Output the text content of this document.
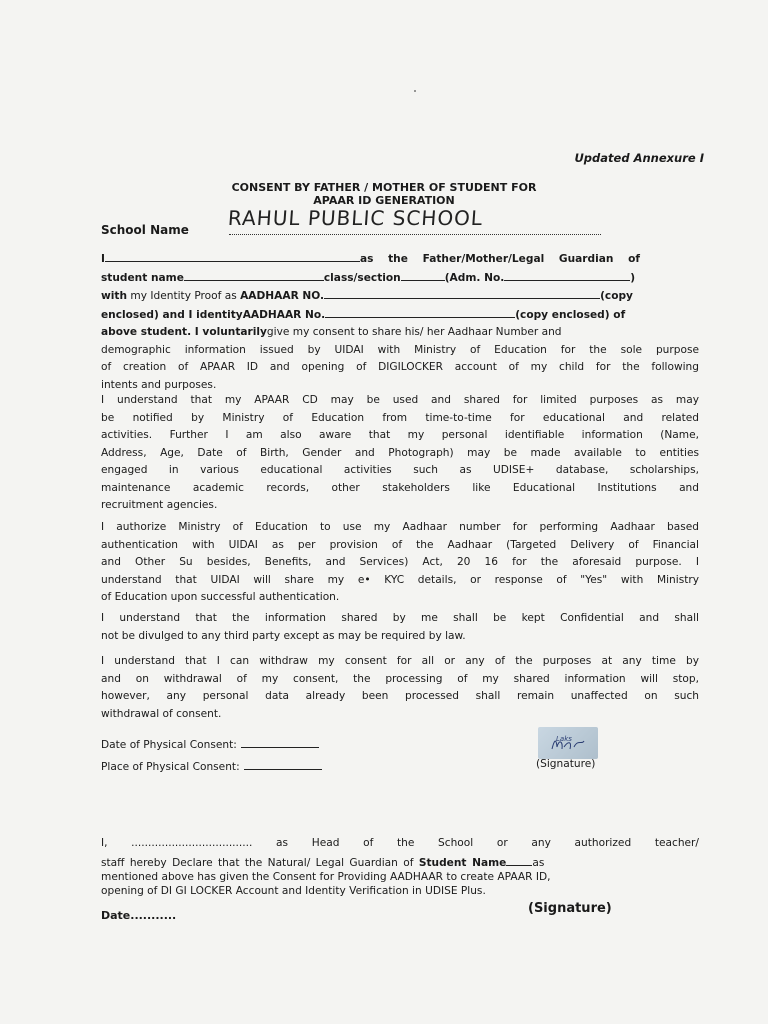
Updated Annexure I
CONSENT BY FATHER / MOTHER OF STUDENT FOR
APAAR ID GENERATION
School Name RAHUL PUBLIC SCHOOL
I	as the Father/Mother/Legal Guardian of
student name	class/section	(Adm. No.	)
with my Identity Proof as AADHAAR NO.	(copy
enclosed) and I identityAADHAAR No.	(copy enclosed) of
above student. I voluntarilygive my consent to share his/ her Aadhaar Number and
demographic information issued by UIDAI with Ministry of Education for the sole purpose
of creation of APAAR ID and opening of DIGILOCKER account of my child for the following
intents and purposes.
I understand that my APAAR CD may be used and shared for limited purposes as may
be notified by Ministry of Education from time-to-time for educational and related
activities. Further I am also aware that my personal identifiable information (Name,
Address, Age, Date of Birth, Gender and Photograph) may be made available to entities
engaged in various educational activities such as UDISE+ database, scholarships,
maintenance academic records, other stakeholders like Educational Institutions and
recruitment agencies.
I authorize Ministry of Education to use my Aadhaar number for performing Aadhaar based
authentication with UIDAI as per provision of the Aadhaar (Targeted Delivery of Financial
and Other Su besides, Benefits, and Services) Act, 20 16 for the aforesaid purpose. I
understand that UIDAI will share my e• KYC details, or response of "Yes" with Ministry
of Education upon successful authentication.
I understand that the information shared by me shall be kept Confidential and shall
not be divulged to any third party except as may be required by law.
I understand that I can withdraw my consent for all or any of the purposes at any time by
and on withdrawal of my consent, the processing of my shared information will stop,
however, any personal data already been processed shall remain unaffected on such
withdrawal of consent.
Date of Physical Consent:
Place of Physical Consent:
Laks
(Signature)
I, .................................... as Head of the School or any authorized teacher/
staff hereby Declare that the Natural/ Legal Guardian of Student Name as
mentioned above has given the Consent for Providing AADHAAR to create APAAR ID,
opening of DI GI LOCKER Account and Identity Verification in UDISE Plus.
Date...........	(Signature)
